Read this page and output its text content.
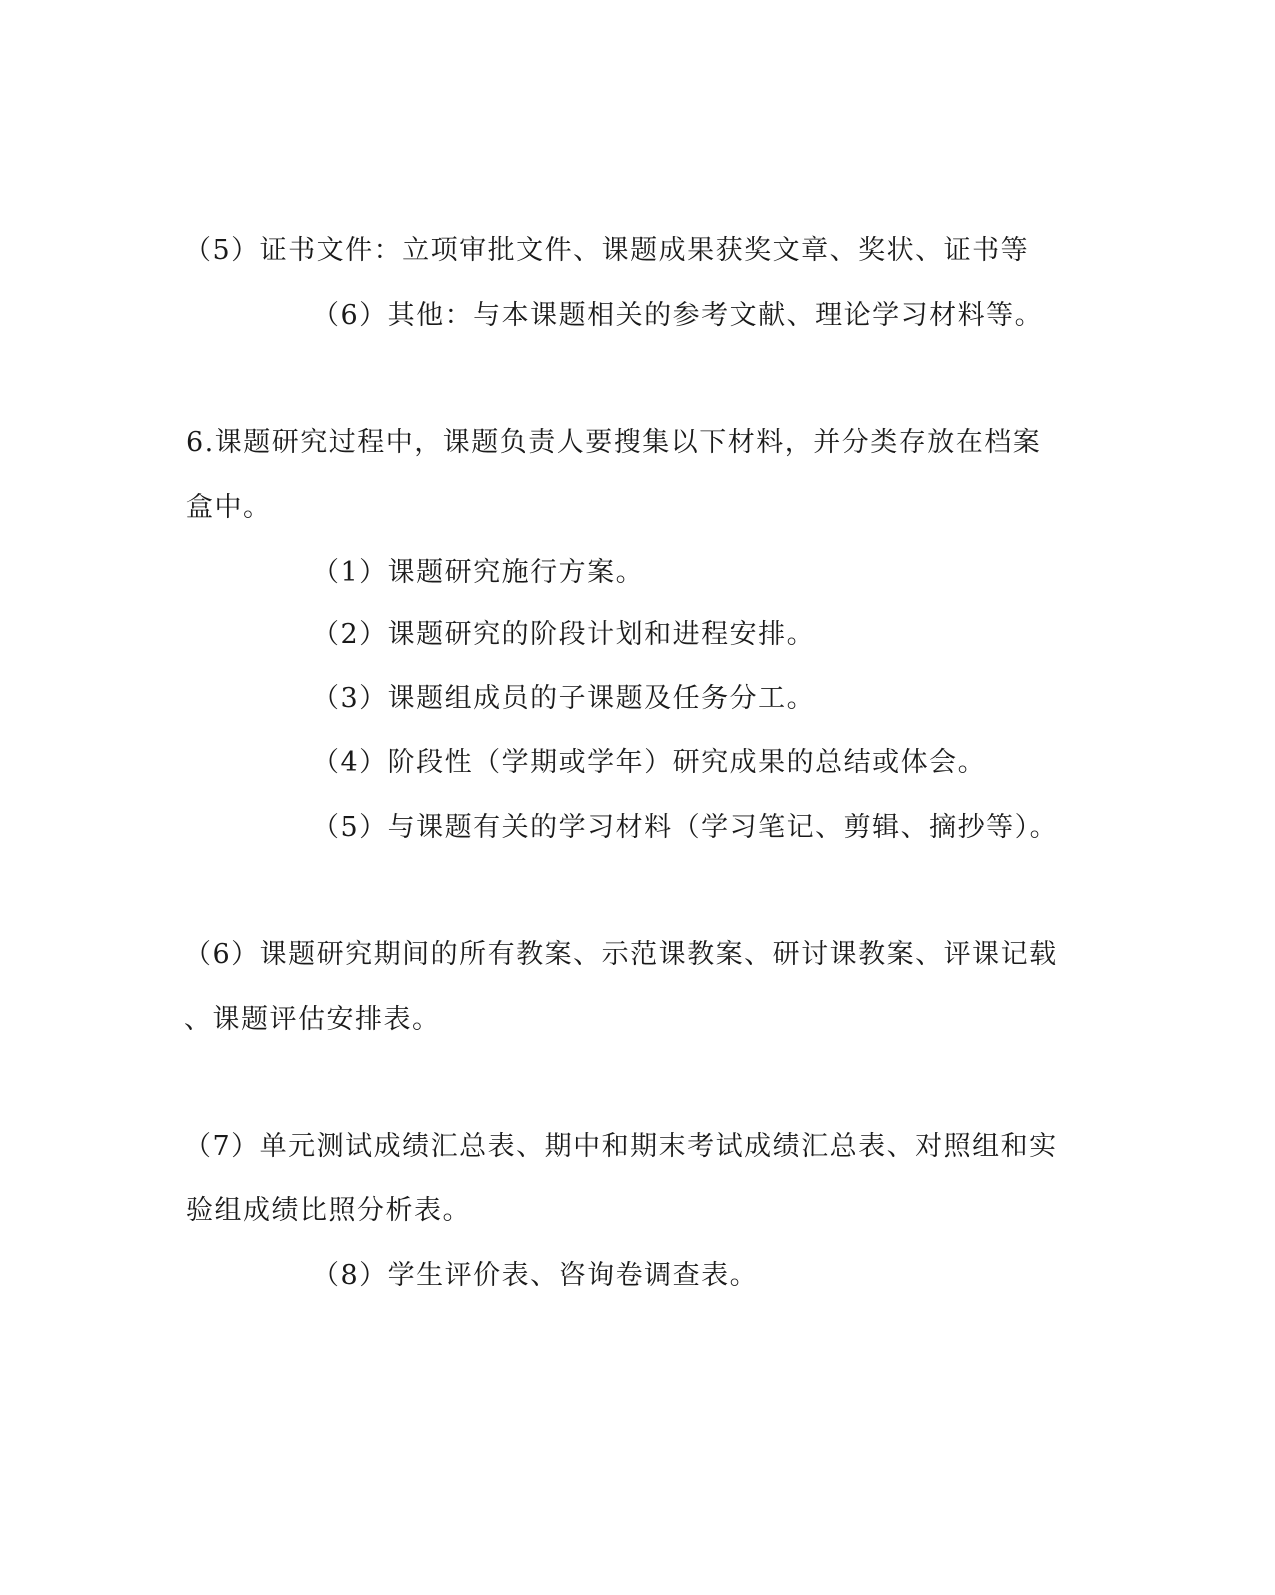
（5）证书文件：立项审批文件、课题成果获奖文章、奖状、证书等
（6）其他：与本课题相关的参考文献、理论学习材料等。
6.课题研究过程中，课题负责人要搜集以下材料，并分类存放在档案
盒中。
（1）课题研究施行方案。
（2）课题研究的阶段计划和进程安排。
（3）课题组成员的子课题及任务分工。
（4）阶段性（学期或学年）研究成果的总结或体会。
（5）与课题有关的学习材料（学习笔记、剪辑、摘抄等）。
（6）课题研究期间的所有教案、示范课教案、研讨课教案、评课记载
、课题评估安排表。
（7）单元测试成绩汇总表、期中和期末考试成绩汇总表、对照组和实
验组成绩比照分析表。
（8）学生评价表、咨询卷调查表。
